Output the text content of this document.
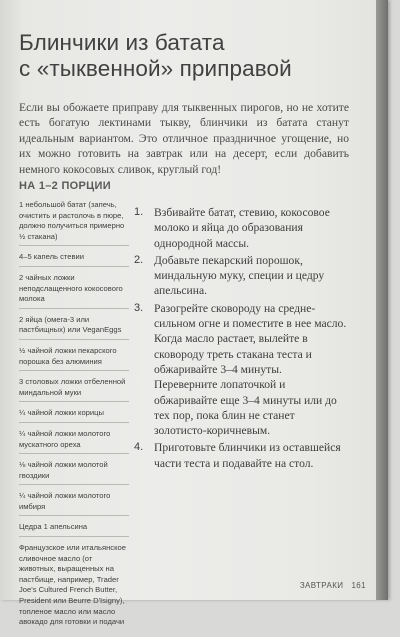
Блинчики из батата
с «тыквенной» приправой
Если вы обожаете приправу для тыквенных пирогов, но не хотите есть богатую лектинами тыкву, блинчики из батата станут идеальным вариантом. Это отличное праздничное угощение, но их можно готовить на завтрак или на десерт, если добавить немного кокосовых сливок, круглый год!
НА 1–2 ПОРЦИИ
1 небольшой батат (запечь, очистить и растолочь в пюре, должно получиться примерно ½ стакана)
4–5 капель стевии
2 чайных ложки неподслащенного кокосового молока
2 яйца (омега-3 или пастбищных) или VeganEggs
½ чайной ложки пекарского порошка без алюминия
3 столовых ложки отбеленной миндальной муки
¼ чайной ложки корицы
¼ чайной ложки молотого мускатного ореха
⅛ чайной ложки молотой гвоздики
¼ чайной ложки молотого имбиря
Цедра 1 апельсина
Французское или итальянское сливочное масло (от животных, выращенных на пастбище, например, Trader Joe's Cultured French Butter, President или Beurre D'Isigny), топленое масло или масло авокадо для готовки и подачи
1. Взбивайте батат, стевию, кокосовое молоко и яйца до образования однородной массы.
2. Добавьте пекарский порошок, миндальную муку, специи и цедру апельсина.
3. Разогрейте сковороду на средне-сильном огне и поместите в нее масло. Когда масло растает, вылейте в сковороду треть стакана теста и обжаривайте 3–4 минуты. Переверните лопаточкой и обжаривайте еще 3–4 минуты или до тех пор, пока блин не станет золотисто-коричневым.
4. Приготовьте блинчики из оставшейся части теста и подавайте на стол.
ЗАВТРАКИ 161
